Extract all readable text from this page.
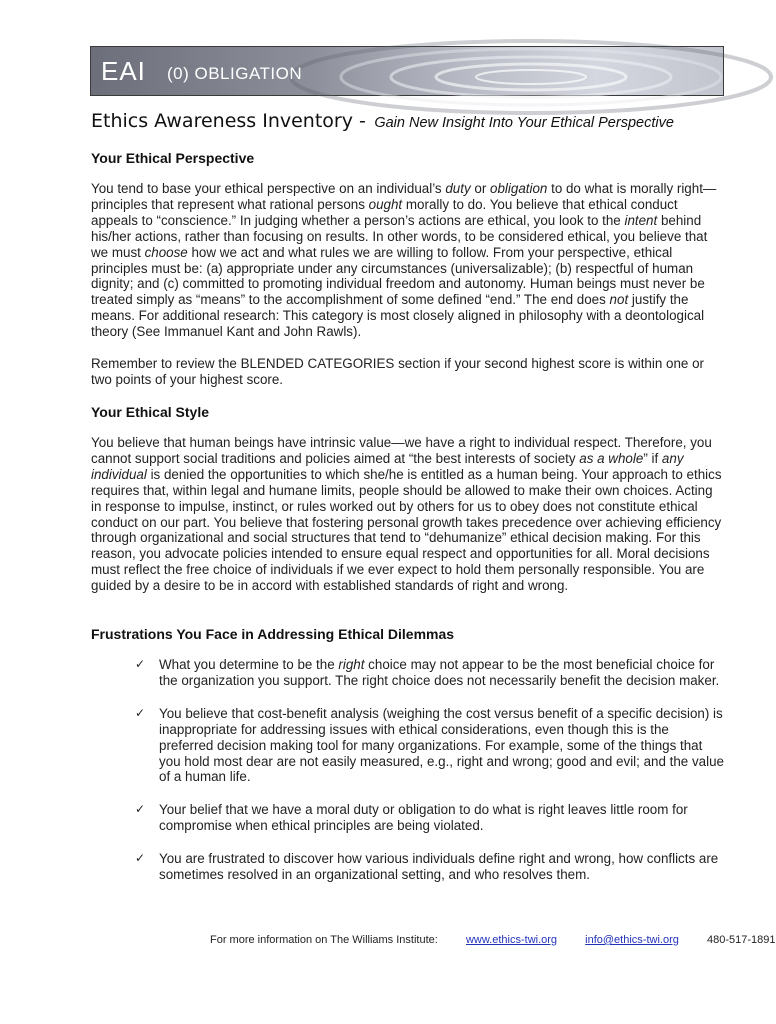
EAI (0) OBLIGATION
Ethics Awareness Inventory - Gain New Insight Into Your Ethical Perspective
Your Ethical Perspective

You tend to base your ethical perspective on an individual’s duty or obligation to do what is morally right—principles that represent what rational persons ought morally to do. You believe that ethical conduct appeals to “conscience.” In judging whether a person’s actions are ethical, you look to the intent behind his/her actions, rather than focusing on results. In other words, to be considered ethical, you believe that we must choose how we act and what rules we are willing to follow. From your perspective, ethical principles must be: (a) appropriate under any circumstances (universalizable); (b) respectful of human dignity; and (c) committed to promoting individual freedom and autonomy. Human beings must never be treated simply as “means” to the accomplishment of some defined “end.” The end does not justify the means. For additional research: This category is most closely aligned in philosophy with a deontological theory (See Immanuel Kant and John Rawls).

Remember to review the BLENDED CATEGORIES section if your second highest score is within one or two points of your highest score.

Your Ethical Style

You believe that human beings have intrinsic value—we have a right to individual respect. Therefore, you cannot support social traditions and policies aimed at “the best interests of society as a whole” if any individual is denied the opportunities to which she/he is entitled as a human being. Your approach to ethics requires that, within legal and humane limits, people should be allowed to make their own choices. Acting in response to impulse, instinct, or rules worked out by others for us to obey does not constitute ethical conduct on our part. You believe that fostering personal growth takes precedence over achieving efficiency through organizational and social structures that tend to “dehumanize” ethical decision making. For this reason, you advocate policies intended to ensure equal respect and opportunities for all. Moral decisions must reflect the free choice of individuals if we ever expect to hold them personally responsible. You are guided by a desire to be in accord with established standards of right and wrong.

Frustrations You Face in Addressing Ethical Dilemmas
✓ What you determine to be the right choice may not appear to be the most beneficial choice for the organization you support. The right choice does not necessarily benefit the decision maker.
✓ You believe that cost-benefit analysis (weighing the cost versus benefit of a specific decision) is inappropriate for addressing issues with ethical considerations, even though this is the preferred decision making tool for many organizations. For example, some of the things that you hold most dear are not easily measured, e.g., right and wrong; good and evil; and the value of a human life.
✓ Your belief that we have a moral duty or obligation to do what is right leaves little room for compromise when ethical principles are being violated.
✓ You are frustrated to discover how various individuals define right and wrong, how conflicts are sometimes resolved in an organizational setting, and who resolves them.
For more information on The Williams Institute:	www.ethics-twi.org	info@ethics-twi.org	480-517-1891
